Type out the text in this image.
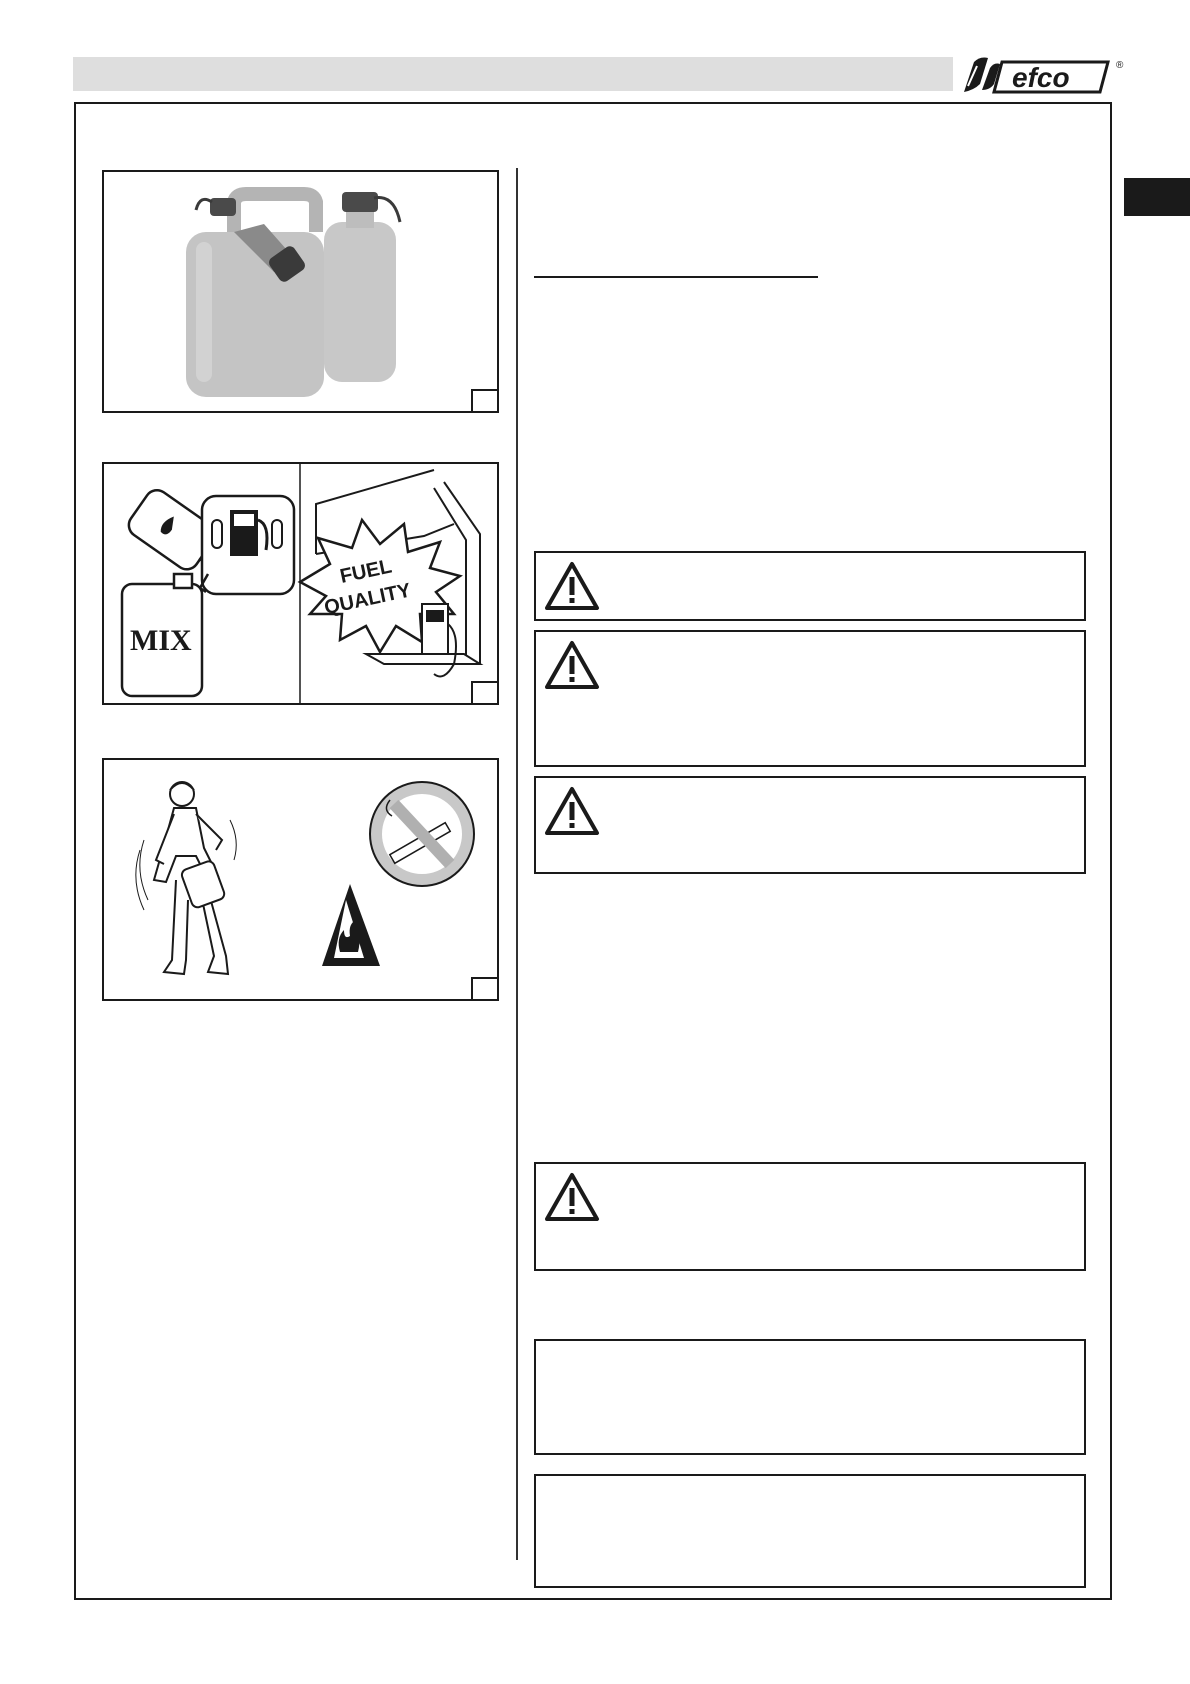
efco	®
MIX
FUEL
QUALITY
